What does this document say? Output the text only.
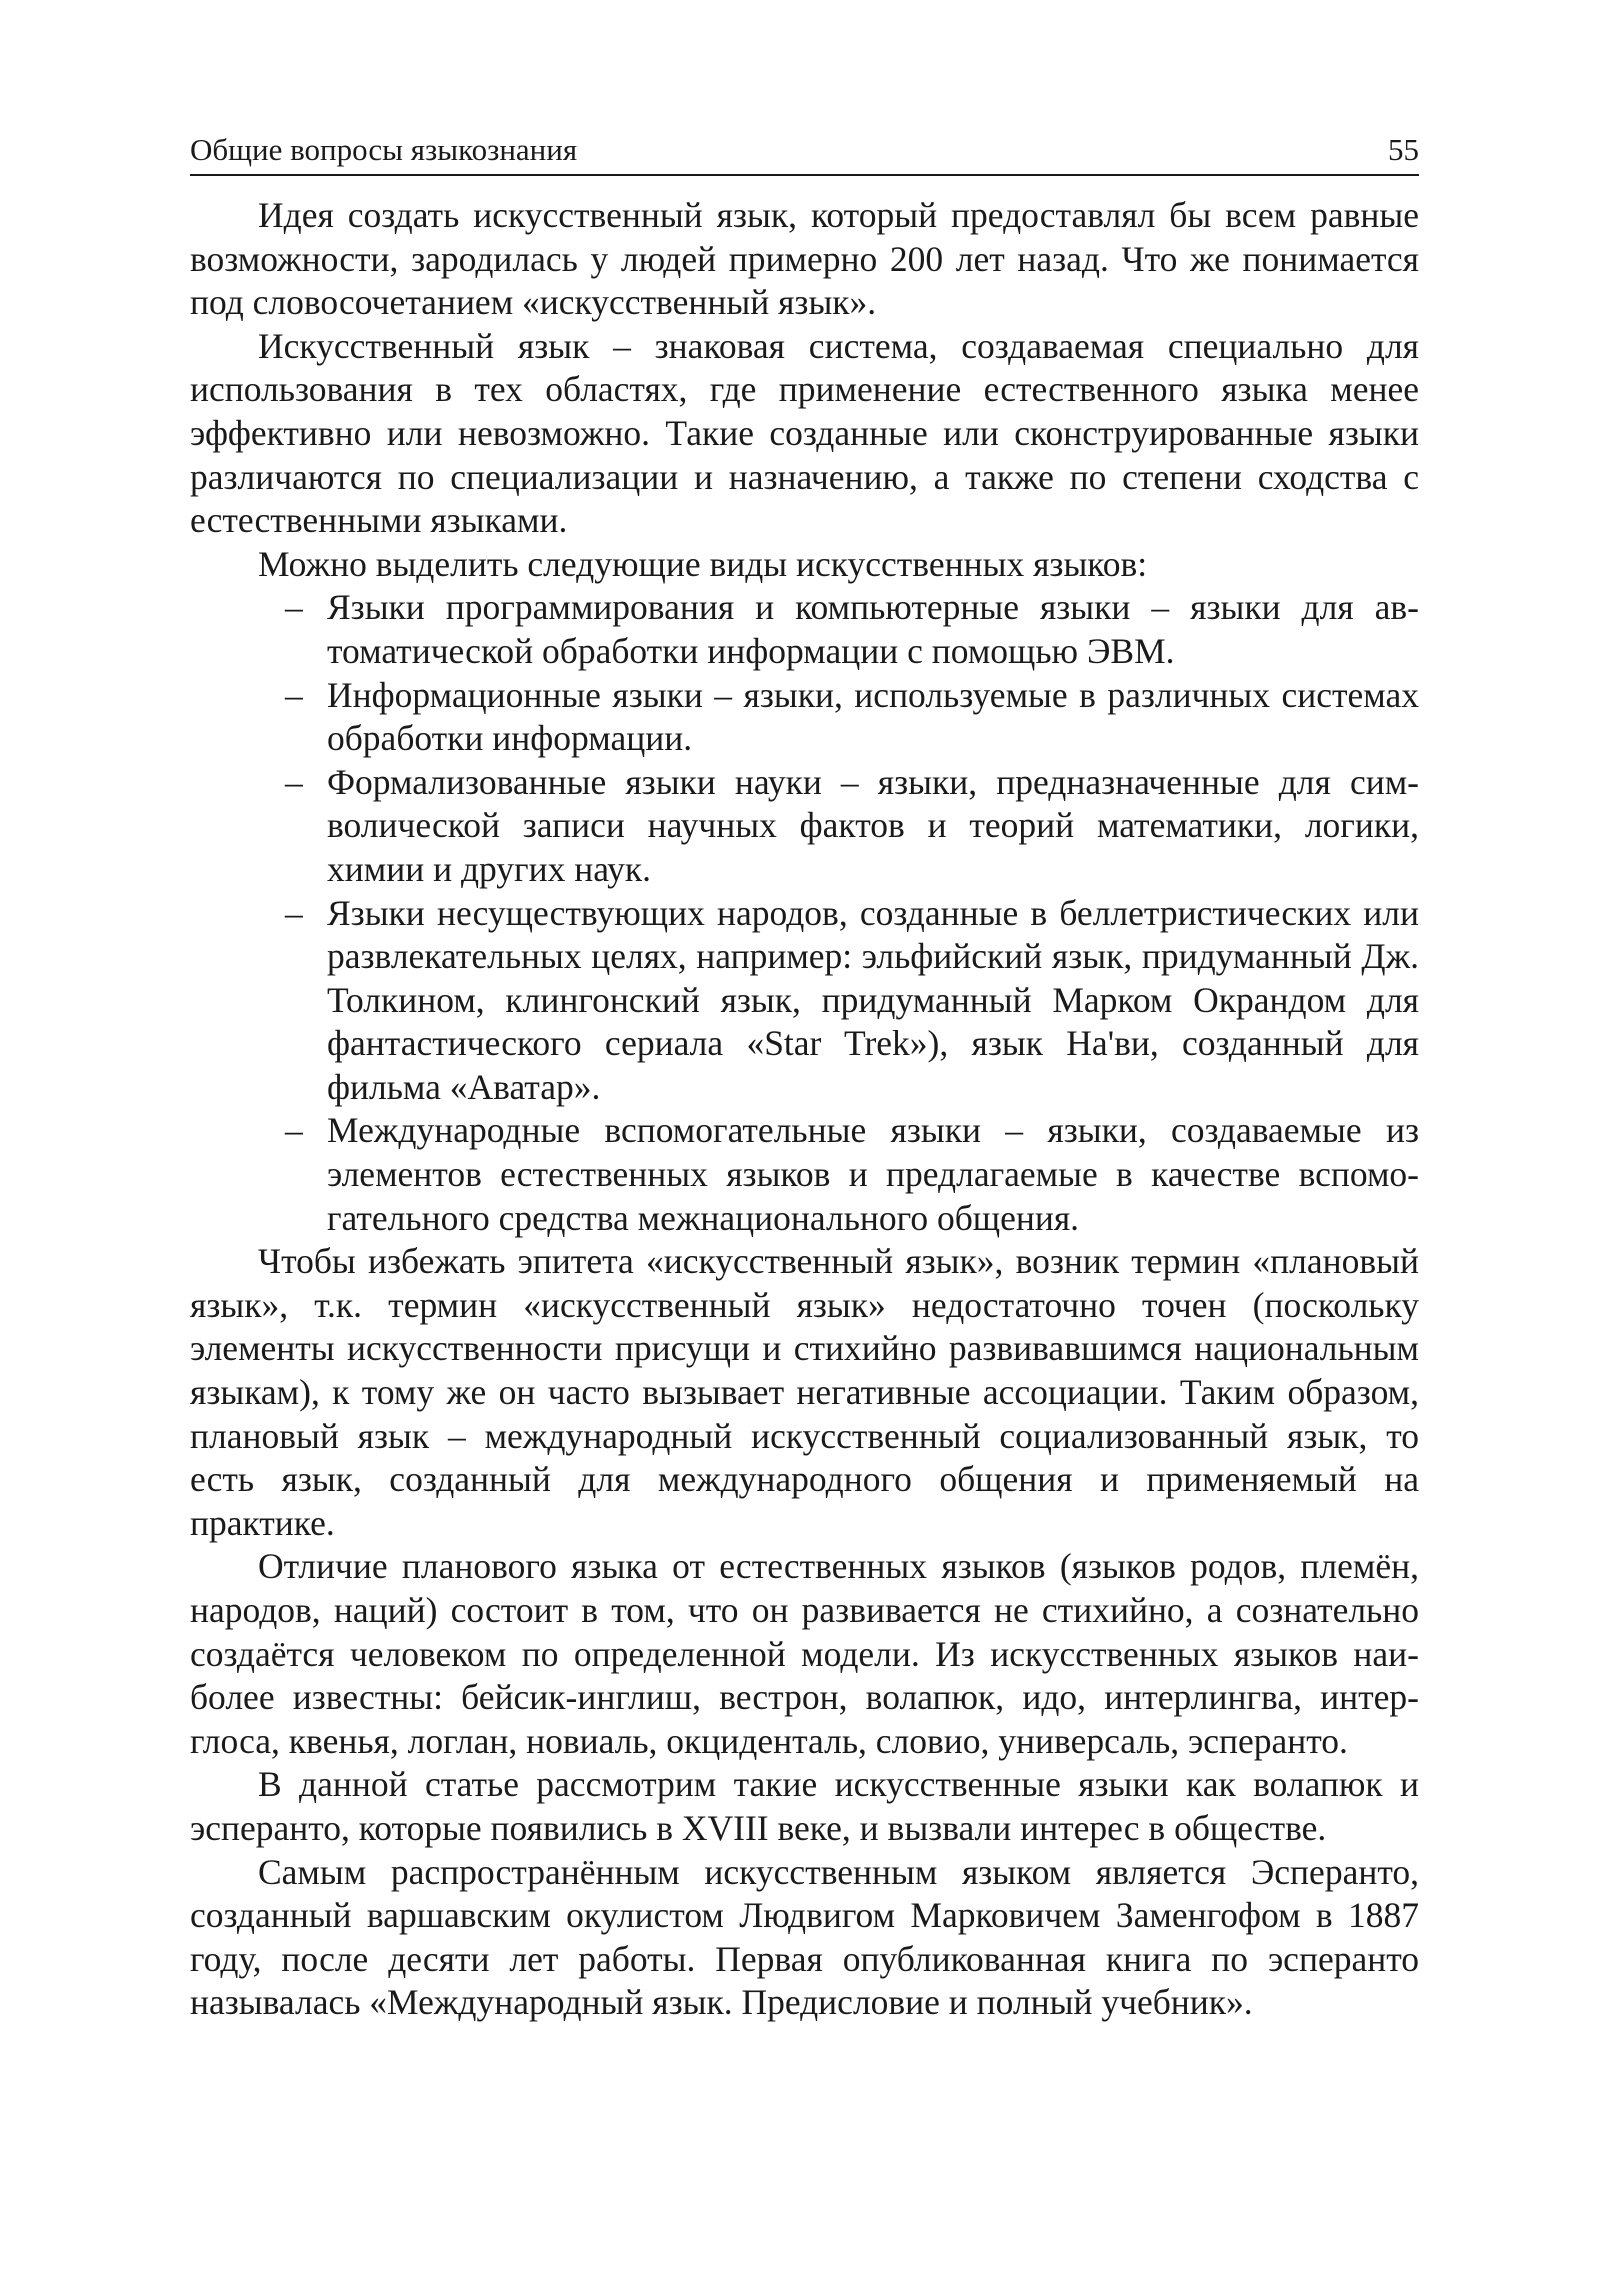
Общие вопросы языкознания	55

Идея создать искусственный язык, который предоставлял бы всем равные возможности, зародилась у людей примерно 200 лет назад. Что же понимается под словосочетанием «искусственный язык».

Искусственный язык – знаковая система, создаваемая специально для использования в тех областях, где применение естественного языка менее эффективно или невозможно. Такие созданные или сконструированные языки различаются по специализации и назначению, а также по степени сходства с естественными языками.

Можно выделить следующие виды искусственных языков:

– Языки программирования и компьютерные языки – языки для автоматической обработки информации с помощью ЭВМ.
– Информационные языки – языки, используемые в различных системах обработки информации.
– Формализованные языки науки – языки, предназначенные для символической записи научных фактов и теорий математики, логики, химии и других наук.
– Языки несуществующих народов, созданные в беллетристических или развлекательных целях, например: эльфийский язык, придуманный Дж. Толкином, клингонский язык, придуманный Марком Окрандом для фантастического сериала «Star Trek»), язык На'ви, созданный для фильма «Аватар».
– Международные вспомогательные языки – языки, создаваемые из элементов естественных языков и предлагаемые в качестве вспомогательного средства межнационального общения.

Чтобы избежать эпитета «искусственный язык», возник термин «плановый язык», т.к. термин «искусственный язык» недостаточно точен (поскольку элементы искусственности присущи и стихийно развивавшимся национальным языкам), к тому же он часто вызывает негативные ассоциации. Таким образом, плановый язык – международный искусственный социализованный язык, то есть язык, созданный для международного общения и применяемый на практике.

Отличие планового языка от естественных языков (языков родов, племён, народов, наций) состоит в том, что он развивается не стихийно, а сознательно создаётся человеком по определенной модели. Из искусственных языков наиболее известны: бейсик-инглиш, вестрон, волапюк, идо, интерлингва, интерглоса, квенья, логлан, новиаль, окциденталь, словио, универсаль, эсперанто.

В данной статье рассмотрим такие искусственные языки как волапюк и эсперанто, которые появились в XVIII веке, и вызвали интерес в обществе.

Самым распространённым искусственным языком является Эсперанто, созданный варшавским окулистом Людвигом Марковичем Заменгофом в 1887 году, после десяти лет работы. Первая опубликованная книга по эсперанто называлась «Международный язык. Предисловие и полный учебник».
